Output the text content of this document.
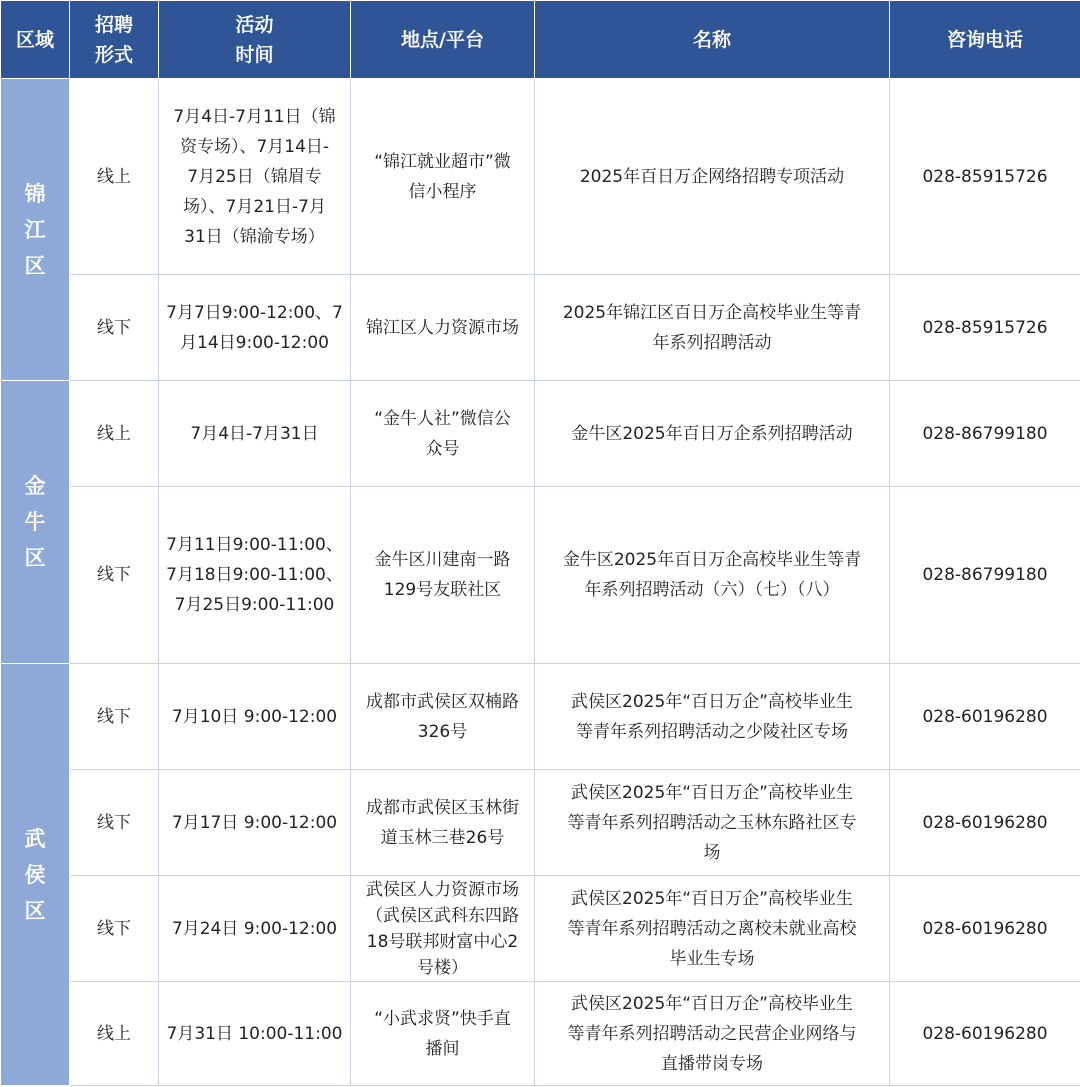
区域	招聘
形式	活动
时间	地点/平台	名称	咨询电话
锦江区	线上	7月4日-7月11日（锦
资专场）、7月14日-
7月25日（锦眉专
场）、7月21日-7月
31日（锦渝专场）	“锦江就业超市”微
信小程序	2025年百日万企网络招聘专项活动	028-85915726
	线下	7月7日9:00-12:00、7
月14日9:00-12:00	锦江区人力资源市场	2025年锦江区百日万企高校毕业生等青
年系列招聘活动	028-85915726
金牛区	线上	7月4日-7月31日	“金牛人社”微信公
众号	金牛区2025年百日万企系列招聘活动	028-86799180
	线下	7月11日9:00-11:00、
7月18日9:00-11:00、
7月25日9:00-11:00	金牛区川建南一路
129号友联社区	金牛区2025年百日万企高校毕业生等青
年系列招聘活动（六）（七）（八）	028-86799180
武侯区	线下	7月10日 9:00-12:00	成都市武侯区双楠路
326号	武侯区2025年“百日万企”高校毕业生
等青年系列招聘活动之少陵社区专场	028-60196280
	线下	7月17日 9:00-12:00	成都市武侯区玉林街
道玉林三巷26号	武侯区2025年“百日万企”高校毕业生
等青年系列招聘活动之玉林东路社区专
场	028-60196280
	线下	7月24日 9:00-12:00	武侯区人力资源市场
（武侯区武科东四路
18号联邦财富中心2
号楼）	武侯区2025年“百日万企”高校毕业生
等青年系列招聘活动之离校未就业高校
毕业生专场	028-60196280
	线上	7月31日 10:00-11:00	“小武求贤”快手直
播间	武侯区2025年“百日万企”高校毕业生
等青年系列招聘活动之民营企业网络与
直播带岗专场	028-60196280
